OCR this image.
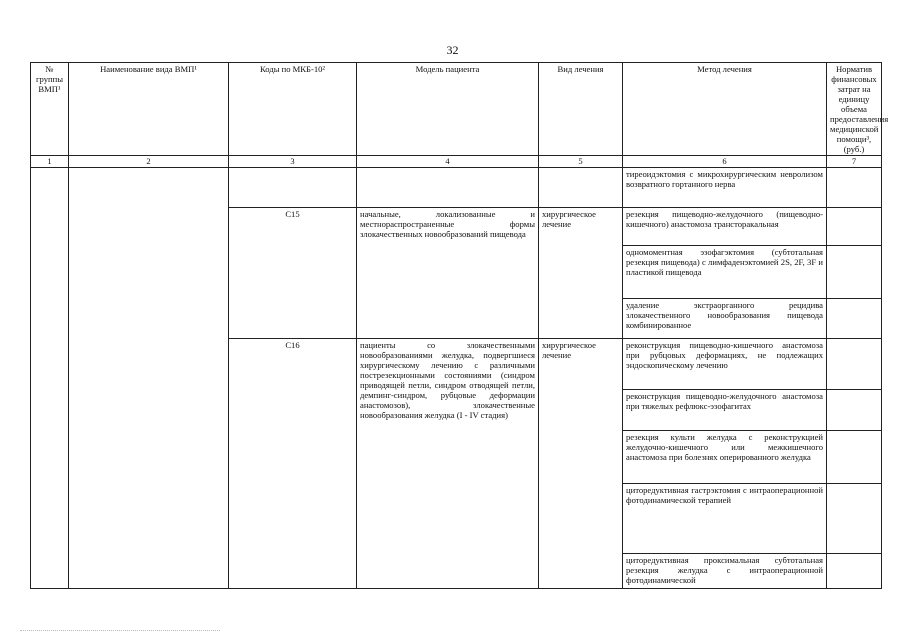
32
№ группы ВМП¹	Наименование вида ВМП¹	Коды по МКБ-10²	Модель пациента	Вид лечения	Метод лечения	Норматив финансовых затрат на единицу объема предоставления медицинской помощи³, (руб.)
1	2	3	4	5	6	7
					тиреоидэктомия с микрохирургическим невролизом возвратного гортанного нерва	
		C15	начальные, локализованные и местнораспространенные формы злокачественных новообразований пищевода	хирургическое лечение	резекция пищеводно-желудочного (пищеводно-кишечного) анастомоза трансторакальная	
					одномоментная эзофагэктомия (субтотальная резекция пищевода) с лимфаденэктомией 2S, 2F, 3F и пластикой пищевода	
					удаление экстраорганного рецидива злокачественного новообразования пищевода комбинированное	
		C16	пациенты со злокачественными новообразованиями желудка, подвергшиеся хирургическому лечению с различными пострезекционными состояниями (синдром приводящей петли, синдром отводящей петли, демпинг-синдром, рубцовые деформации анастомозов), злокачественные новообразования желудка (I - IV стадия)	хирургическое лечение	реконструкция пищеводно-кишечного анастомоза при рубцовых деформациях, не подлежащих эндоскопическому лечению	
					реконструкция пищеводно-желудочного анастомоза при тяжелых рефлюкс-эзофагитах	
					резекция культи желудка с реконструкцией желудочно-кишечного или межкишечного анастомоза при болезнях оперированного желудка	
					циторедуктивная гастрэктомия с интраоперационной фотодинамической терапией	
					циторедуктивная проксимальная субтотальная резекция желудка с интраоперационной фотодинамической	
